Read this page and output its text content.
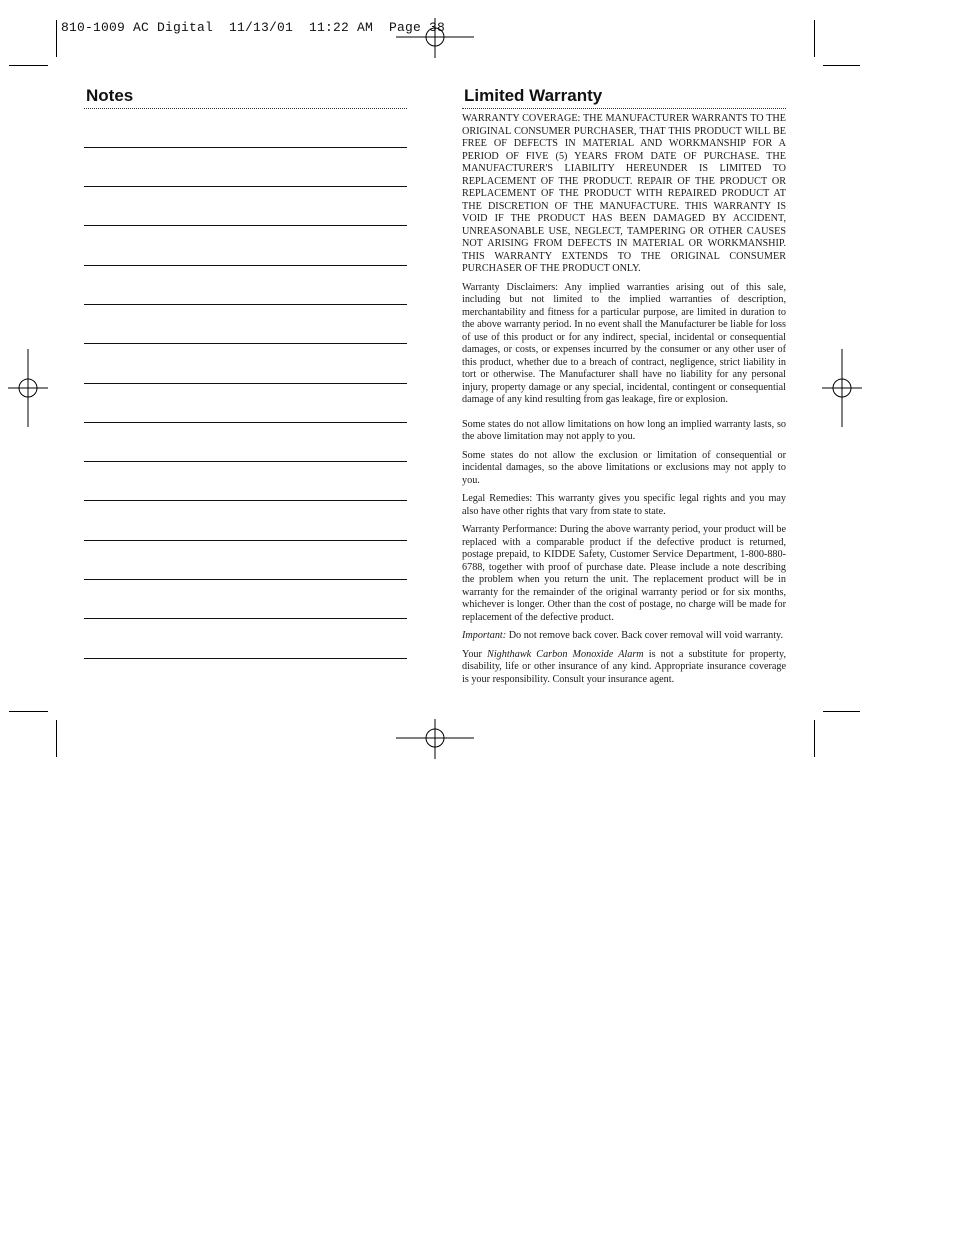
810-1009 AC Digital  11/13/01  11:22 AM  Page 38
Notes	Limited Warranty

WARRANTY COVERAGE: THE MANUFACTURER WARRANTS TO THE ORIGINAL CONSUMER PURCHASER, THAT THIS PRODUCT WILL BE FREE OF DEFECTS IN MATERIAL AND WORKMANSHIP FOR A PERIOD OF FIVE (5) YEARS FROM DATE OF PURCHASE. THE MANUFACTURER'S LIABILITY HEREUNDER IS LIMITED TO REPLACEMENT OF THE PRODUCT. REPAIR OF THE PRODUCT OR REPLACEMENT OF THE PRODUCT WITH REPAIRED PRODUCT AT THE DISCRETION OF THE MANUFACTURE. THIS WARRANTY IS VOID IF THE PRODUCT HAS BEEN DAMAGED BY ACCIDENT, UNREASONABLE USE, NEGLECT, TAMPERING OR OTHER CAUSES NOT ARISING FROM DEFECTS IN MATERIAL OR WORKMANSHIP. THIS WARRANTY EXTENDS TO THE ORIGINAL CONSUMER PURCHASER OF THE PRODUCT ONLY.

Warranty Disclaimers: Any implied warranties arising out of this sale, including but not limited to the implied warranties of description, merchantability and fitness for a particular purpose, are limited in duration to the above warranty period. In no event shall the Manufacturer be liable for loss of use of this product or for any indirect, special, incidental or consequential damages, or costs, or expenses incurred by the consumer or any other user of this product, whether due to a breach of contract, negligence, strict liability in tort or otherwise. The Manufacturer shall have no liability for any personal injury, property damage or any special, incidental, contingent or consequential damage of any kind resulting from gas leakage, fire or explosion.

Some states do not allow limitations on how long an implied warranty lasts, so the above limitation may not apply to you.

Some states do not allow the exclusion or limitation of consequential or incidental damages, so the above limitations or exclusions may not apply to you.

Legal Remedies: This warranty gives you specific legal rights and you may also have other rights that vary from state to state.

Warranty Performance: During the above warranty period, your product will be replaced with a comparable product if the defective product is returned, postage prepaid, to KIDDE Safety, Customer Service Department, 1-800-880-6788, together with proof of purchase date. Please include a note describing the problem when you return the unit. The replacement product will be in warranty for the remainder of the original warranty period or for six months, whichever is longer. Other than the cost of postage, no charge will be made for replacement of the defective product.

Important: Do not remove back cover. Back cover removal will void warranty.

Your Nighthawk Carbon Monoxide Alarm is not a substitute for property, disability, life or other insurance of any kind. Appropriate insurance coverage is your responsibility. Consult your insurance agent.
